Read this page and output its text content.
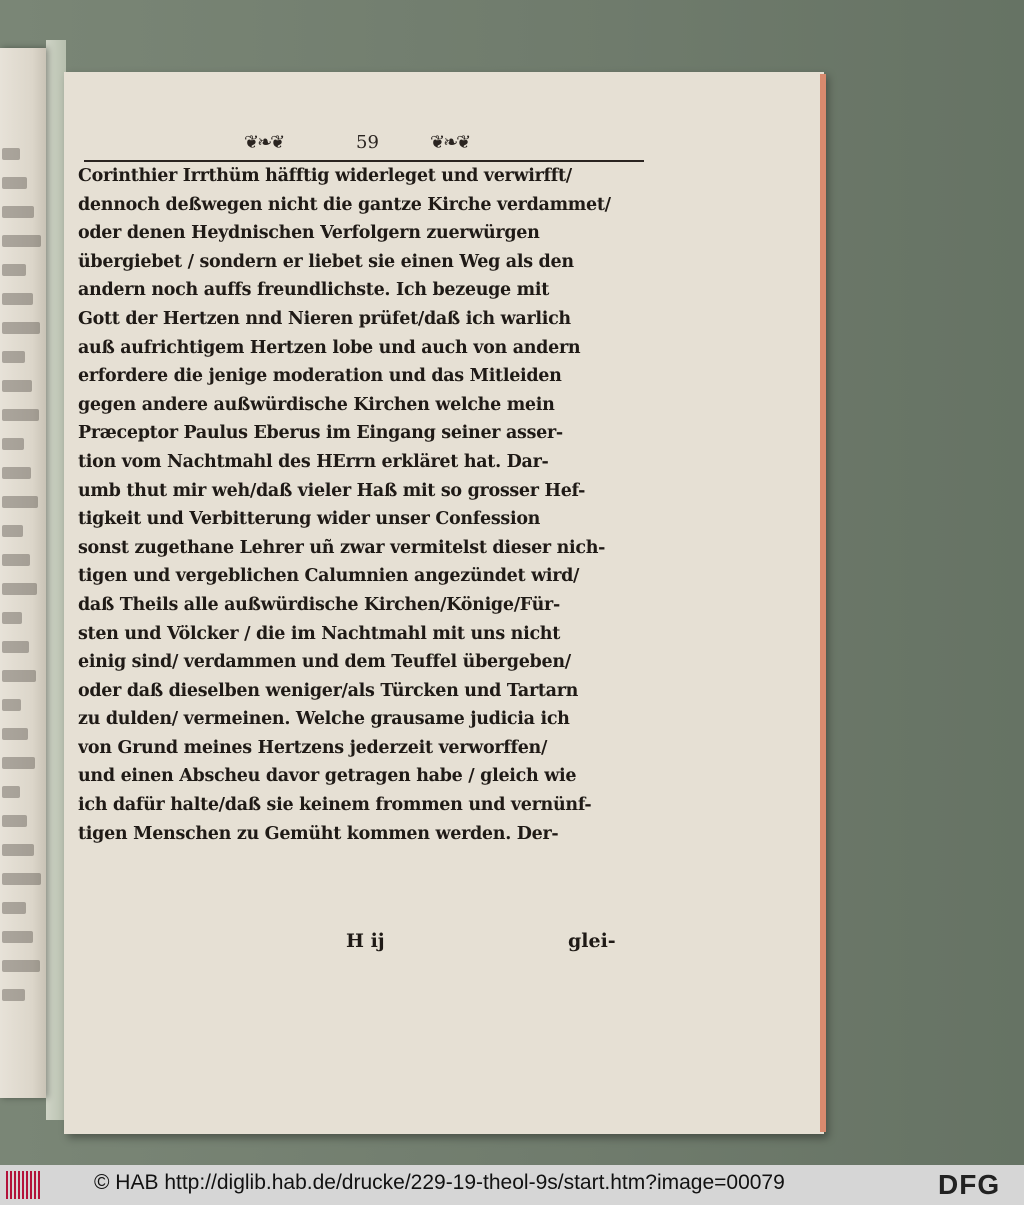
❦❧❦	59	❦❧❦
Corinthier Irrthüm häfftig widerleget und verwirfft/
dennoch deßwegen nicht die gantze Kirche verdammet/
oder denen Heydnischen Verfolgern zuerwürgen
übergiebet / sondern er liebet sie einen Weg als den
andern noch auffs freundlichste. Ich bezeuge mit
Gott der Hertzen nnd Nieren prüfet/daß ich warlich
auß aufrichtigem Hertzen lobe und auch von andern
erfordere die jenige moderation und das Mitleiden
gegen andere außwürdische Kirchen welche mein
Præceptor Paulus Eberus im Eingang seiner asser-
tion vom Nachtmahl des HErrn erkläret hat. Dar-
umb thut mir weh/daß vieler Haß mit so grosser Hef-
tigkeit und Verbitterung wider unser Confession
sonst zugethane Lehrer uñ zwar vermitelst dieser nich-
tigen und vergeblichen Calumnien angezündet wird/
daß Theils alle außwürdische Kirchen/Könige/Für-
sten und Völcker / die im Nachtmahl mit uns nicht
einig sind/ verdammen und dem Teuffel übergeben/
oder daß dieselben weniger/als Türcken und Tartarn
zu dulden/ vermeinen. Welche grausame judicia ich
von Grund meines Hertzens jederzeit verworffen/
und einen Abscheu davor getragen habe / gleich wie
ich dafür halte/daß sie keinem frommen und vernünf-
tigen Menschen zu Gemüht kommen werden. Der-
H ij	glei-
© HAB http://diglib.hab.de/drucke/229-19-theol-9s/start.htm?image=00079	DFG
